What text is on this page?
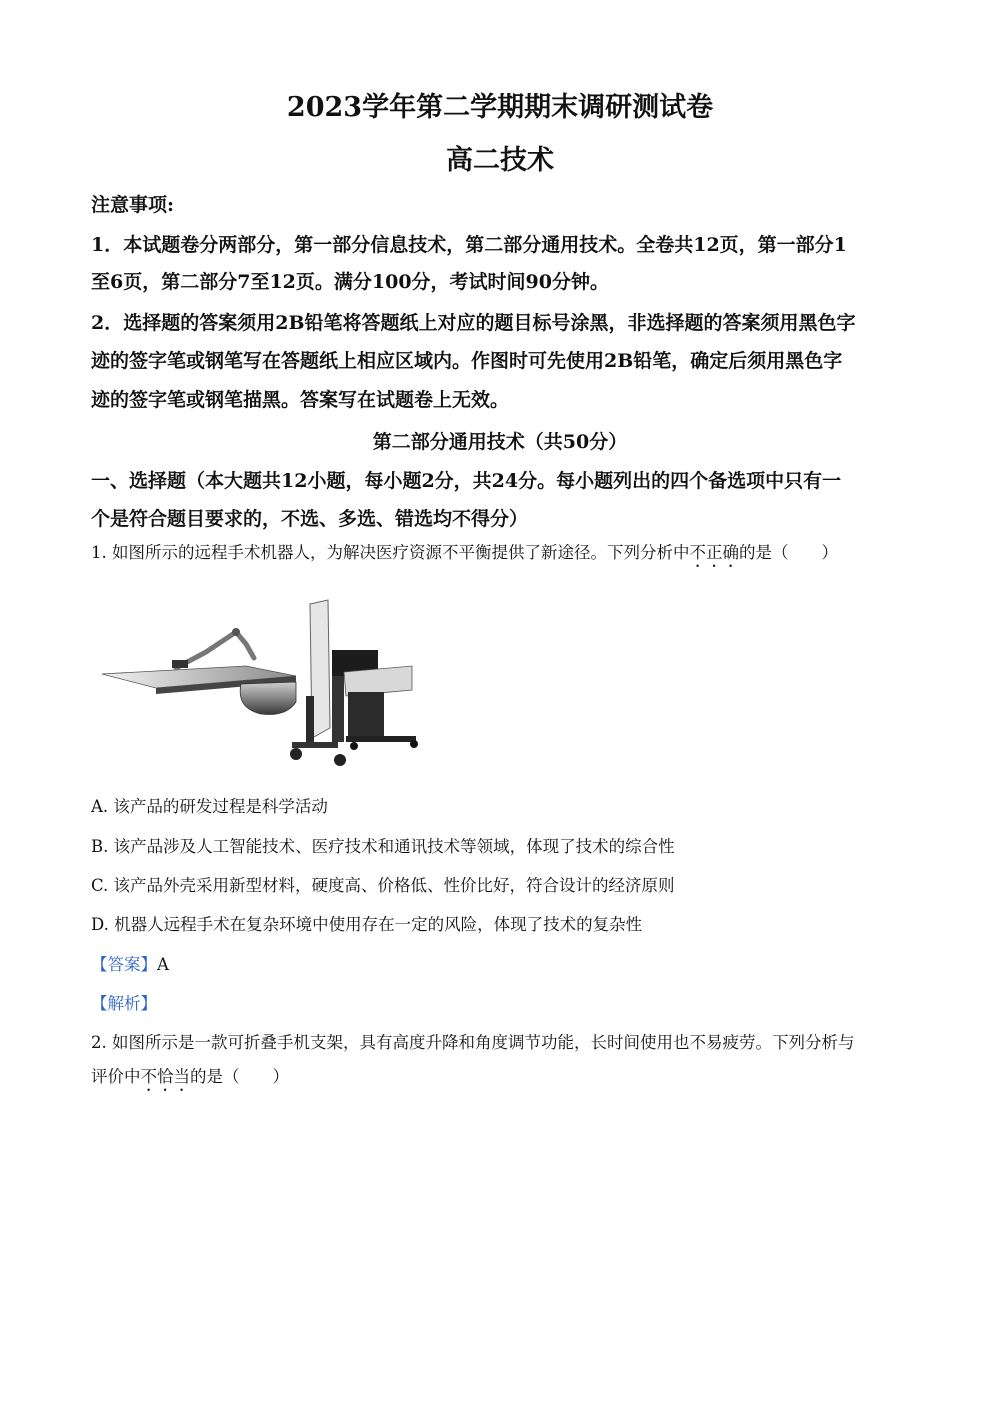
2023学年第二学期期末调研测试卷
高二技术
注意事项:
1．本试题卷分两部分，第一部分信息技术，第二部分通用技术。全卷共12页，第一部分1
至6页，第二部分7至12页。满分100分，考试时间90分钟。
2．选择题的答案须用2B铅笔将答题纸上对应的题目标号涂黑，非选择题的答案须用黑色字
迹的签字笔或钢笔写在答题纸上相应区域内。作图时可先使用2B铅笔，确定后须用黑色字
迹的签字笔或钢笔描黑。答案写在试题卷上无效。
第二部分通用技术（共50分）
一、选择题（本大题共12小题，每小题2分，共24分。每小题列出的四个备选项中只有一
个是符合题目要求的，不选、多选、错选均不得分）
1. 如图所示的远程手术机器人，为解决医疗资源不平衡提供了新途径。下列分析中不正确的是（　　）
A. 该产品的研发过程是科学活动
B. 该产品涉及人工智能技术、医疗技术和通讯技术等领域，体现了技术的综合性
C. 该产品外壳采用新型材料，硬度高、价格低、性价比好，符合设计的经济原则
D. 机器人远程手术在复杂环境中使用存在一定的风险，体现了技术的复杂性
【答案】A
【解析】
2. 如图所示是一款可折叠手机支架，具有高度升降和角度调节功能，长时间使用也不易疲劳。下列分析与
评价中不恰当的是（　　）
